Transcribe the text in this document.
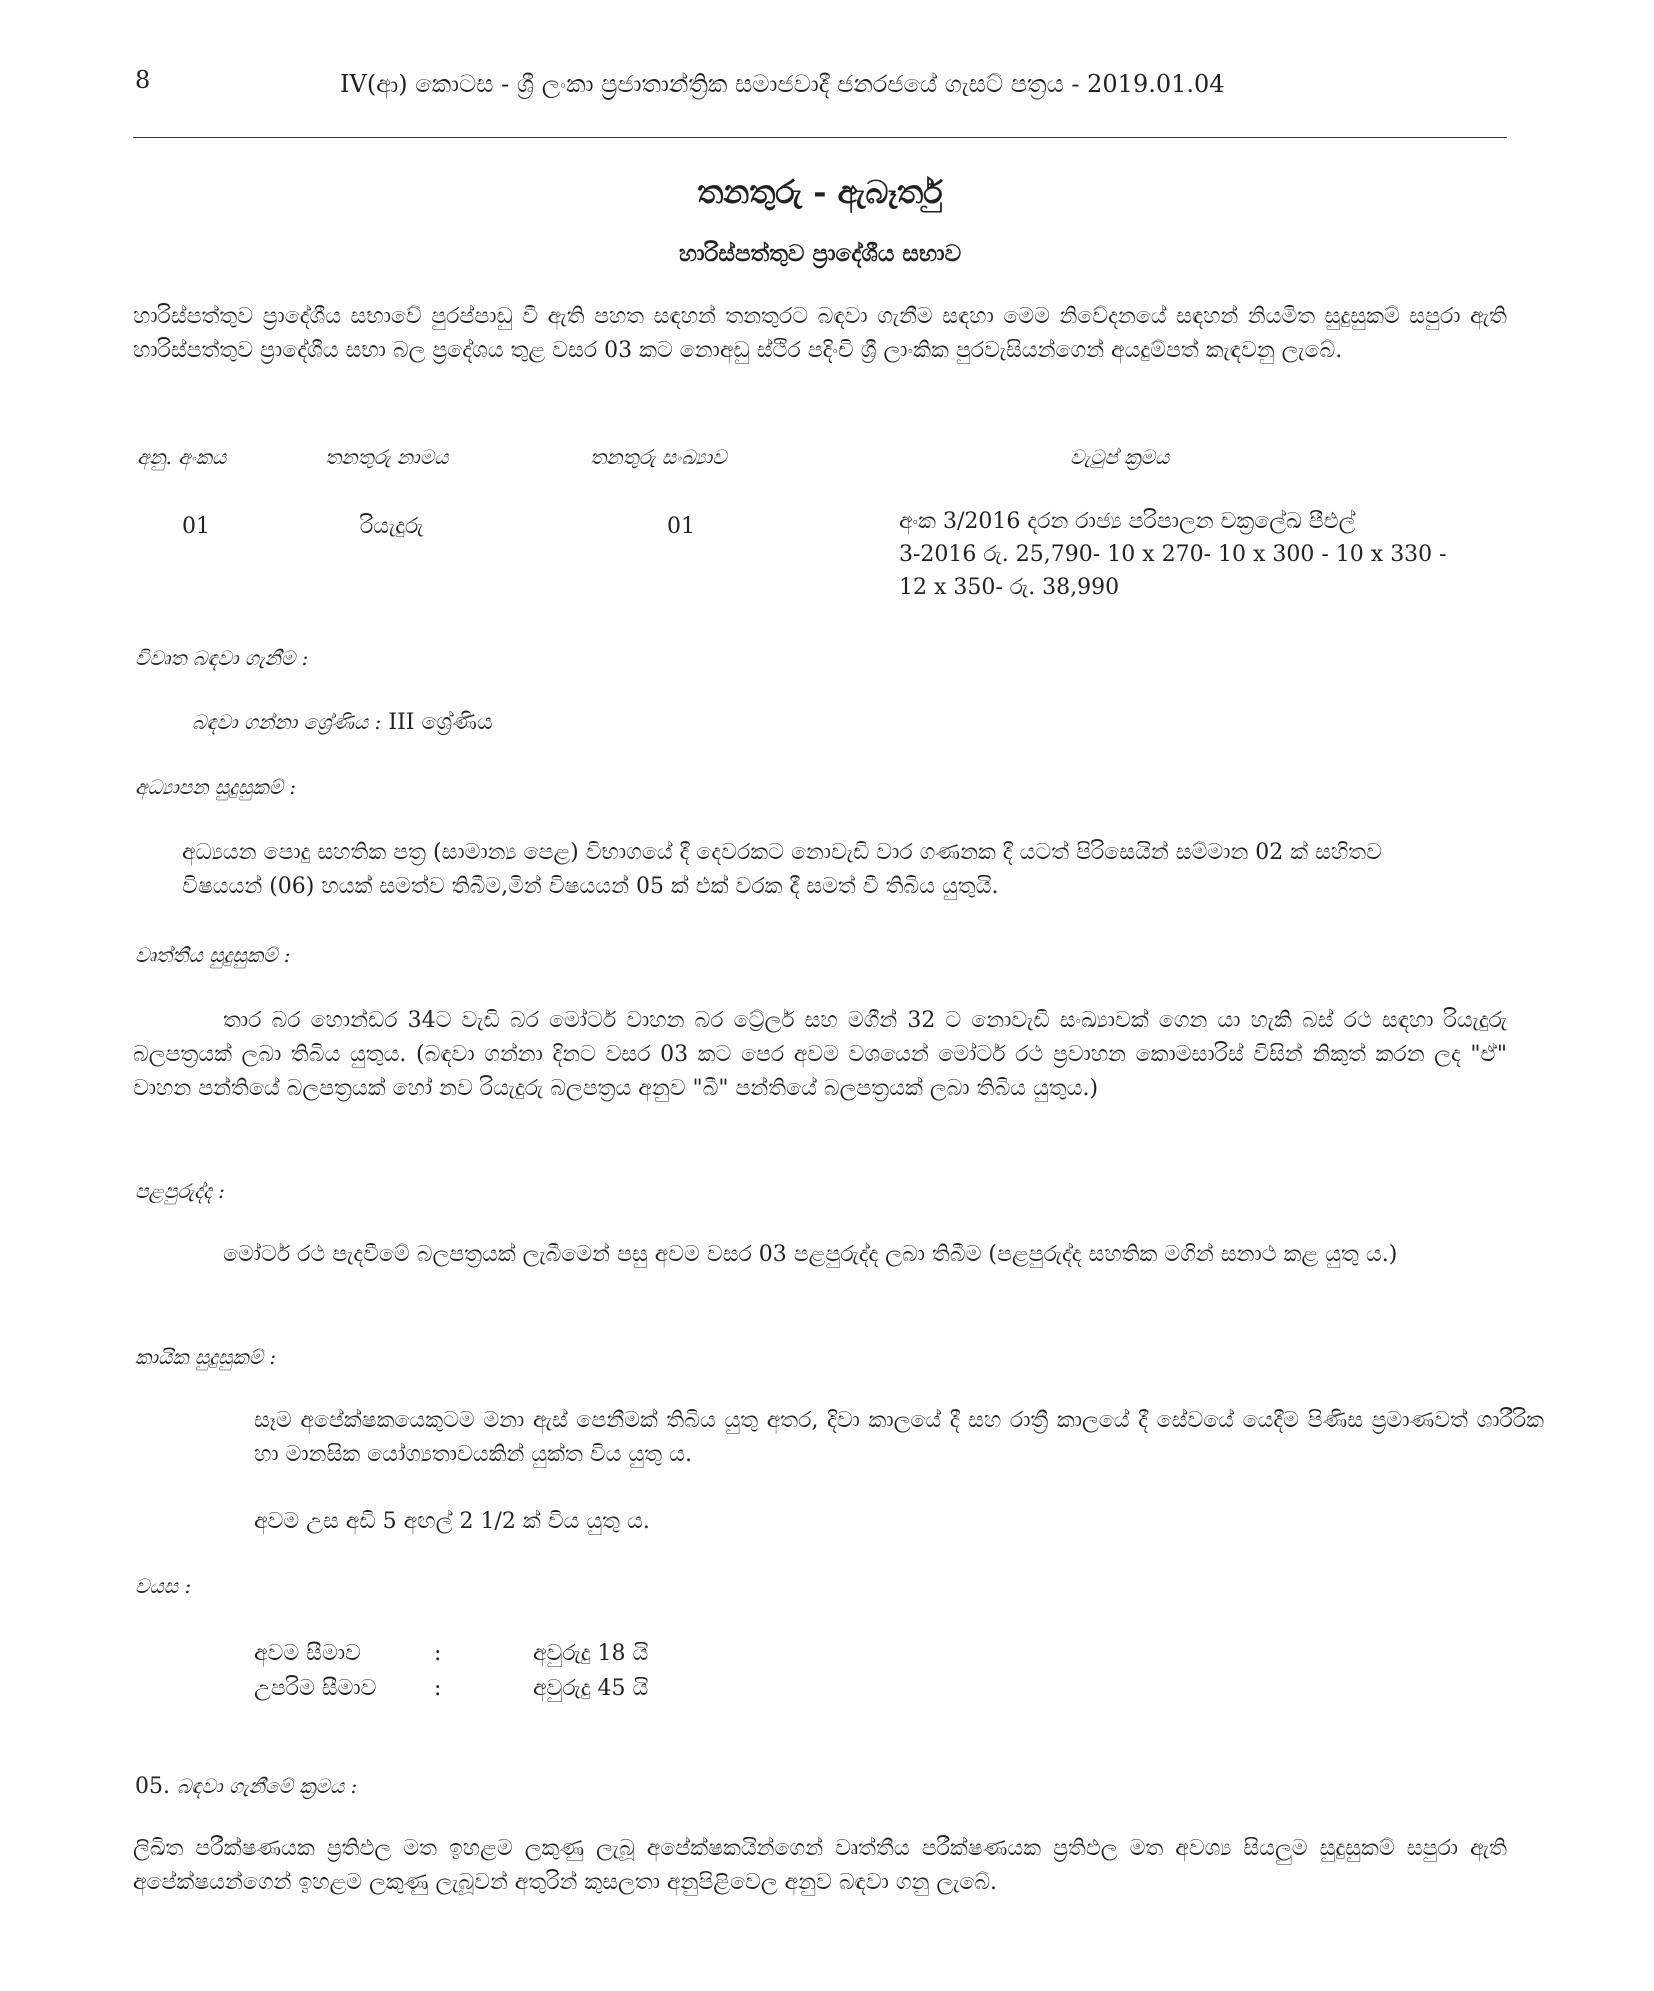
8	IV(ආ) කොටස - ශ්‍රී ලංකා ප්‍රජාතාන්ත්‍රික සමාජවාදී ජනරජයේ ගැසට් පත්‍රය - 2019.01.04
තනතුරු - ඇබෑර්තු
හාරිස්පත්තුව ප්‍රාදේශීය සභාව
හාරිස්පත්තුව ප්‍රාදේශීය සභාවේ පුරප්පාඩු වී ඇති පහත සඳහන් තනතුරට බඳවා ගැනීම සඳහා මෙම නිවේදනයේ සඳහන් නියමිත සුදුසුකම් සපුරා ඇති හාරිස්පත්තුව ප්‍රාදේශීය සභා බල ප්‍රදේශය තුළ වසර 03 කට නොඅඩු ස්ථිර පදිංචි ශ්‍රී ලාංකික පුරවැසියන්ගෙන් අයදුම්පත් කැඳවනු ලැබේ.
අනු. අංකය	තනතුරු නාමය	තනතුරු සංඛ්‍යාව	වැටුප් ක්‍රමය
01	රියැදුරු	01	අංක 3/2016 දරන රාජ්‍ය පරිපාලන චක්‍රලේඛ පීඑල්
3-2016 රු. 25,790- 10 x 270- 10 x 300 - 10 x 330 -
12 x 350- රු. 38,990
විවෘත බඳවා ගැනීම :
බඳවා ගන්නා ශ්‍රේණිය : III ශ්‍රේණිය
අධ්‍යාපන සුදුසුකම් :
අධ්‍යයන පොදු සහතික පත්‍ර (සාමාන්‍ය පෙළ) විභාගයේ දී දෙවරකට නොවැඩි වාර ගණනක දී යටත් පිරිසෙයින් සම්මාන 02 ක් සහිතව විෂයයන් (06) හයක් සමත්ව තිබීම,මින් විෂයයන් 05 ක් එක් වරක දී සමත් වී තිබිය යුතුයි.
වෘත්තීය සුදුසුකම් :
තාර බර හොන්ඩර 34ට වැඩි බර මෝටර් වාහන බර ට්‍රේලර් සහ මගීන් 32 ට නොවැඩි සංඛ්‍යාවක් ගෙන යා හැකි බස් රථ සඳහා රියැදුරු බලපත්‍රයක් ලබා තිබිය යුතුය. (බඳවා ගන්නා දිනට වසර 03 කට පෙර අවම වශයෙන් මෝටර් රථ ප්‍රවාහන කොමසාරිස් විසින් නිකුත් කරන ලද "ඒ" වාහන පන්තියේ බලපත්‍රයක් හෝ නව රියැදුරු බලපත්‍රය අනුව "බී" පන්තියේ බලපත්‍රයක් ලබා තිබිය යුතුය.)
පළපුරුද්ද :
මෝටර් රථ පැදවීමේ බලපත්‍රයක් ලැබීමෙන් පසු අවම වසර 03 පළපුරුද්ද ලබා තිබීම (පළපුරුද්ද සහතික මගින් සනාථ කළ යුතු ය.)
කායික සුදුසුකම් :
සෑම අපේක්ෂකයෙකුටම මනා ඇස් පෙනීමක් තිබිය යුතු අතර, දිවා කාලයේ දී සහ රාත්‍රී කාලයේ දී සේවයේ යෙදීම පිණිස ප්‍රමාණවත් ශාරීරික හා මානසික යෝග්‍යතාවයකින් යුක්ත විය යුතු ය.
අවම උස අඩි 5 අඟල් 2 1/2 ක් විය යුතු ය.
වයස :
අවම සීමාව	:	අවුරුදු 18 යි
උපරිම සීමාව	:	අවුරුදු 45 යි
05. බඳවා ගැනීමේ ක්‍රමය :
ලිඛිත පරීක්ෂණයක ප්‍රතිඵල මත ඉහළම ලකුණු ලැබූ අපේක්ෂකයින්ගෙන් වෘත්තීය පරීක්ෂණයක ප්‍රතිඵල මත අවශ්‍ය සියලුම සුදුසුකම් සපුරා ඇති අපේක්ෂයන්ගෙන් ඉහළම ලකුණු ලැබූවන් අතුරින් කුසලතා අනුපිළිවෙල අනුව බඳවා ගනු ලැබේ.
